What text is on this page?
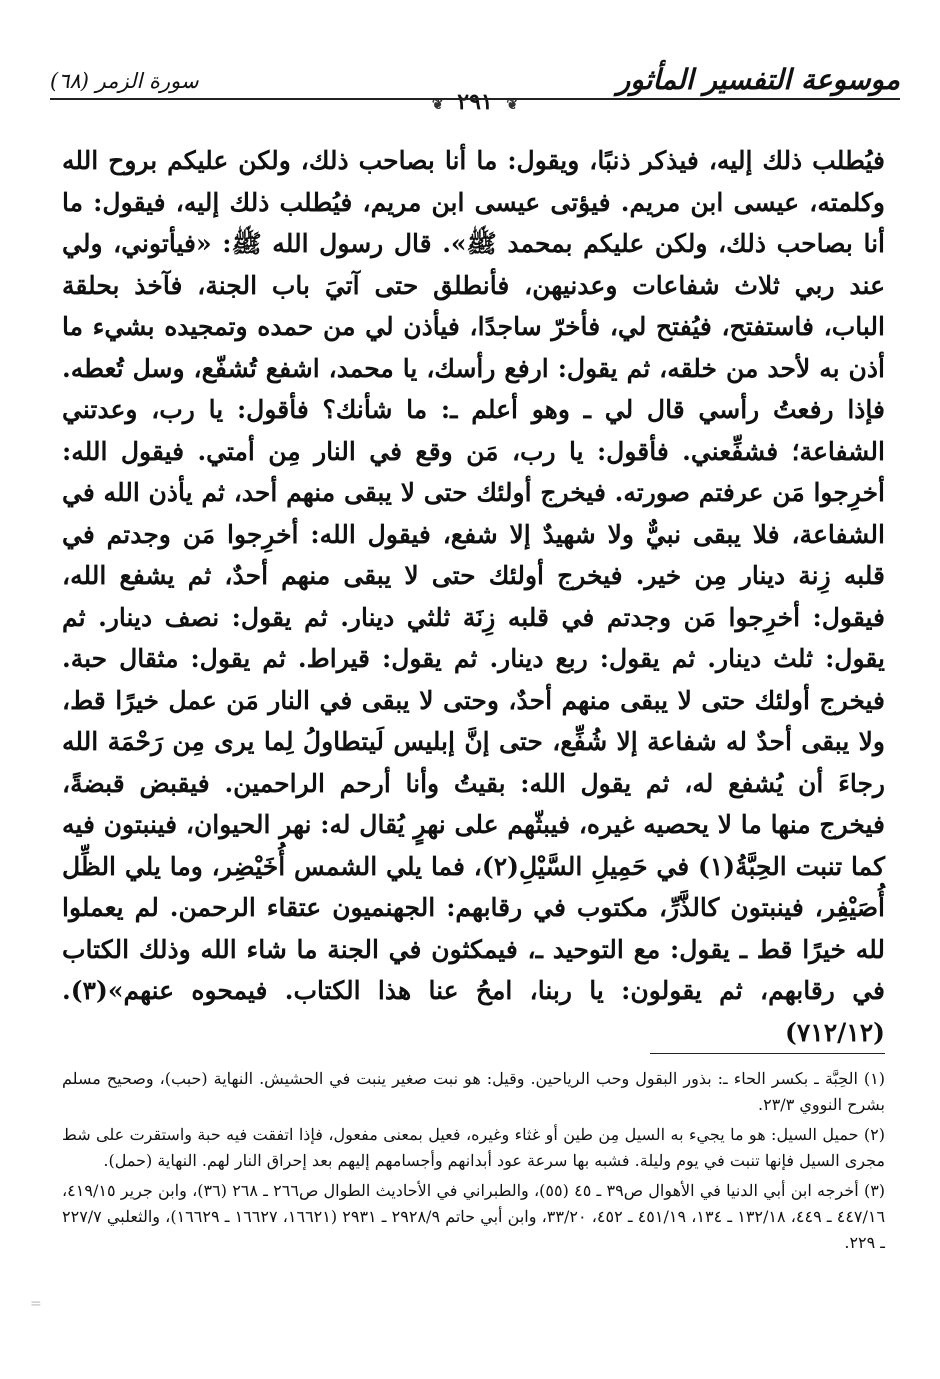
موسوعة التفسير المأثور
❦ ٢٩١ ❦
سورة الزمر (٦٨)

فيُطلب ذلك إليه، فيذكر ذنبًا، ويقول: ما أنا بصاحب ذلك، ولكن عليكم بروح الله وكلمته، عيسى ابن مريم. فيؤتى عيسى ابن مريم، فيُطلب ذلك إليه، فيقول: ما أنا بصاحب ذلك، ولكن عليكم بمحمد ﷺ». قال رسول الله ﷺ: «فيأتوني، ولي عند ربي ثلاث شفاعات وعدنيهن، فأنطلق حتى آتيَ باب الجنة، فآخذ بحلقة الباب، فاستفتح، فيُفتح لي، فأخرّ ساجدًا، فيأذن لي من حمده وتمجيده بشيء ما أذن به لأحد من خلقه، ثم يقول: ارفع رأسك، يا محمد، اشفع تُشفّع، وسل تُعطه. فإذا رفعتُ رأسي قال لي ـ وهو أعلم ـ: ما شأنك؟ فأقول: يا رب، وعدتني الشفاعة؛ فشفِّعني. فأقول: يا رب، مَن وقع في النار مِن أمتي. فيقول الله: أخرِجوا مَن عرفتم صورته. فيخرج أولئك حتى لا يبقى منهم أحد، ثم يأذن الله في الشفاعة، فلا يبقى نبيٌّ ولا شهيدٌ إلا شفع، فيقول الله: أخرِجوا مَن وجدتم في قلبه زِنة دينار مِن خير. فيخرج أولئك حتى لا يبقى منهم أحدٌ، ثم يشفع الله، فيقول: أخرِجوا مَن وجدتم في قلبه زِنَة ثلثي دينار. ثم يقول: نصف دينار. ثم يقول: ثلث دينار. ثم يقول: ربع دينار. ثم يقول: قيراط. ثم يقول: مثقال حبة. فيخرج أولئك حتى لا يبقى منهم أحدٌ، وحتى لا يبقى في النار مَن عمل خيرًا قط، ولا يبقى أحدٌ له شفاعة إلا شُفِّع، حتى إنَّ إبليس لَيتطاولُ لِما يرى مِن رَحْمَة الله رجاءَ أن يُشفع له، ثم يقول الله: بقيتُ وأنا أرحم الراحمين. فيقبض قبضةً، فيخرج منها ما لا يحصيه غيره، فيبثّهم على نهرٍ يُقال له: نهر الحيوان، فينبتون فيه كما تنبت الحِبَّةُ(١) في حَمِيلِ السَّيْلِ(٢)، فما يلي الشمس أُخَيْضِر، وما يلي الظِّل أُصَيْفِر، فينبتون كالذَّرِّ، مكتوب في رقابهم: الجهنميون عتقاء الرحمن. لم يعملوا لله خيرًا قط ـ يقول: مع التوحيد ـ، فيمكثون في الجنة ما شاء الله وذلك الكتاب في رقابهم، ثم يقولون: يا ربنا، امحُ عنا هذا الكتاب. فيمحوه عنهم»(٣). (٧١٢/١٢)

(١) الحِبَّة ـ بكسر الحاء ـ: بذور البقول وحب الرياحين. وقيل: هو نبت صغير ينبت في الحشيش. النهاية (حبب)، وصحيح مسلم بشرح النووي ٢٣/٣.

(٢) حميل السيل: هو ما يجيء به السيل مِن طين أو غثاء وغيره، فعيل بمعنى مفعول، فإذا اتفقت فيه حبة واستقرت على شط مجرى السيل فإنها تنبت في يوم وليلة. فشبه بها سرعة عود أبدانهم وأجسامهم إليهم بعد إحراق النار لهم. النهاية (حمل).

(٣) أخرجه ابن أبي الدنيا في الأهوال ص٣٩ ـ ٤٥ (٥٥)، والطبراني في الأحاديث الطوال ص٢٦٦ ـ ٢٦٨ (٣٦)، وابن جرير ٤١٩/١٥، ٤٤٧/١٦ ـ ٤٤٩، ١٣٢/١٨ ـ ١٣٤، ٤٥١/١٩ ـ ٤٥٢، ٣٣/٢٠، وابن أبي حاتم ٢٩٢٨/٩ ـ ٢٩٣١ (١٦٦٢١، ١٦٦٢٧ ـ ١٦٦٢٩)، والثعلبي ٢٢٧/٧ ـ ٢٢٩.

=
